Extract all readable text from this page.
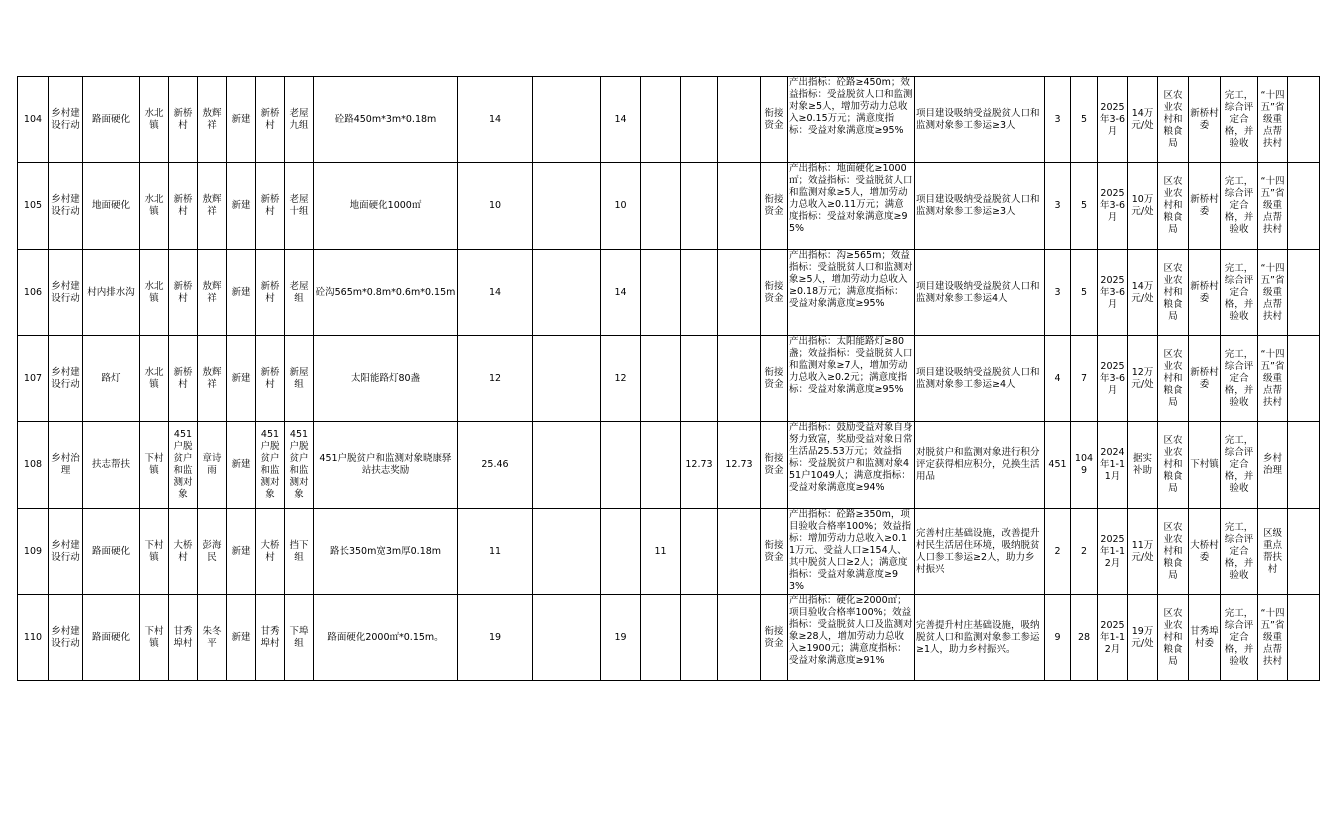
104	乡村建设行动	路面硬化	水北镇	新桥村	敖辉祥	新建	新桥村	老屋九组	砼路450m*3m*0.18m	14		14				衔接资金	产出指标：砼路≥450m；效益指标：受益脱贫人口和监测对象≥5人，增加劳动力总收入≥0.15万元；满意度指标：受益对象满意度≥95%	项目建设吸纳受益脱贫人口和监测对象参工参运≥3人	3	5	2025年3-6月	14万元/处	区农业农村和粮食局	新桥村委	完工，综合评定合格，并验收	“十四五”省级重点帮扶村	
105	乡村建设行动	地面硬化	水北镇	新桥村	敖辉祥	新建	新桥村	老屋十组	地面硬化1000㎡	10		10				衔接资金	产出指标：地面硬化≥1000㎡；效益指标：受益脱贫人口和监测对象≥5人，增加劳动力总收入≥0.11万元；满意度指标：受益对象满意度≥95%	项目建设吸纳受益脱贫人口和监测对象参工参运≥3人	3	5	2025年3-6月	10万元/处	区农业农村和粮食局	新桥村委	完工，综合评定合格，并验收	“十四五”省级重点帮扶村	
106	乡村建设行动	村内排水沟	水北镇	新桥村	敖辉祥	新建	新桥村	老屋组	砼沟565m*0.8m*0.6m*0.15m	14		14				衔接资金	产出指标：沟≥565m；效益指标：受益脱贫人口和监测对象≥5人，增加劳动力总收入≥0.18万元；满意度指标：受益对象满意度≥95%	项目建设吸纳受益脱贫人口和监测对象参工参运4人	3	5	2025年3-6月	14万元/处	区农业农村和粮食局	新桥村委	完工，综合评定合格，并验收	“十四五”省级重点帮扶村	
107	乡村建设行动	路灯	水北镇	新桥村	敖辉祥	新建	新桥村	新屋组	太阳能路灯80盏	12		12				衔接资金	产出指标：太阳能路灯≥80盏；效益指标：受益脱贫人口和监测对象≥7人，增加劳动力总收入≥0.2元；满意度指标：受益对象满意度≥95%	项目建设吸纳受益脱贫人口和监测对象参工参运≥4人	4	7	2025年3-6月	12万元/处	区农业农村和粮食局	新桥村委	完工，综合评定合格，并验收	“十四五”省级重点帮扶村	
108	乡村治理	扶志帮扶	下村镇	451户脱贫户和监测对象	章诗雨	新建	451户脱贫户和监测对象	451户脱贫户和监测对象	451户脱贫户和监测对象晓康驿站扶志奖励	25.46				12.73	12.73	衔接资金	产出指标：鼓励受益对象自身努力致富，奖励受益对象日常生活品25.53万元；效益指标：受益脱贫户和监测对象451户1049人；满意度指标：受益对象满意度≥94%	对脱贫户和监测对象进行积分评定获得相应积分，兑换生活用品	451	1049	2024年1-11月	据实补助	区农业农村和粮食局	下村镇	完工，综合评定合格，并验收	乡村治理	
109	乡村建设行动	路面硬化	下村镇	大桥村	彭海民	新建	大桥村	挡下组	路长350m宽3m厚0.18m	11			11			衔接资金	产出指标：砼路≥350m，项目验收合格率100%；效益指标：增加劳动力总收入≥0.11万元、受益人口≥154人、其中脱贫人口≥2人；满意度指标：受益对象满意度≥93%	完善村庄基础设施，改善提升村民生活居住环境，吸纳脱贫人口参工参运≥2人，助力乡村振兴	2	2	2025年1-12月	11万元/处	区农业农村和粮食局	大桥村委	完工，综合评定合格，并验收	区级重点帮扶村	
110	乡村建设行动	路面硬化	下村镇	甘秀埠村	朱冬平	新建	甘秀埠村	下埠组	路面硬化2000㎡*0.15m。	19		19				衔接资金	产出指标：硬化≥2000㎡；项目验收合格率100%；效益指标：受益脱贫人口及监测对象≥28人，增加劳动力总收入≥1900元；满意度指标：受益对象满意度≥91%	完善提升村庄基础设施，吸纳脱贫人口和监测对象参工参运≥1人，助力乡村振兴。	9	28	2025年1-12月	19万元/处	区农业农村和粮食局	甘秀埠村委	完工，综合评定合格，并验收	“十四五”省级重点帮扶村	
